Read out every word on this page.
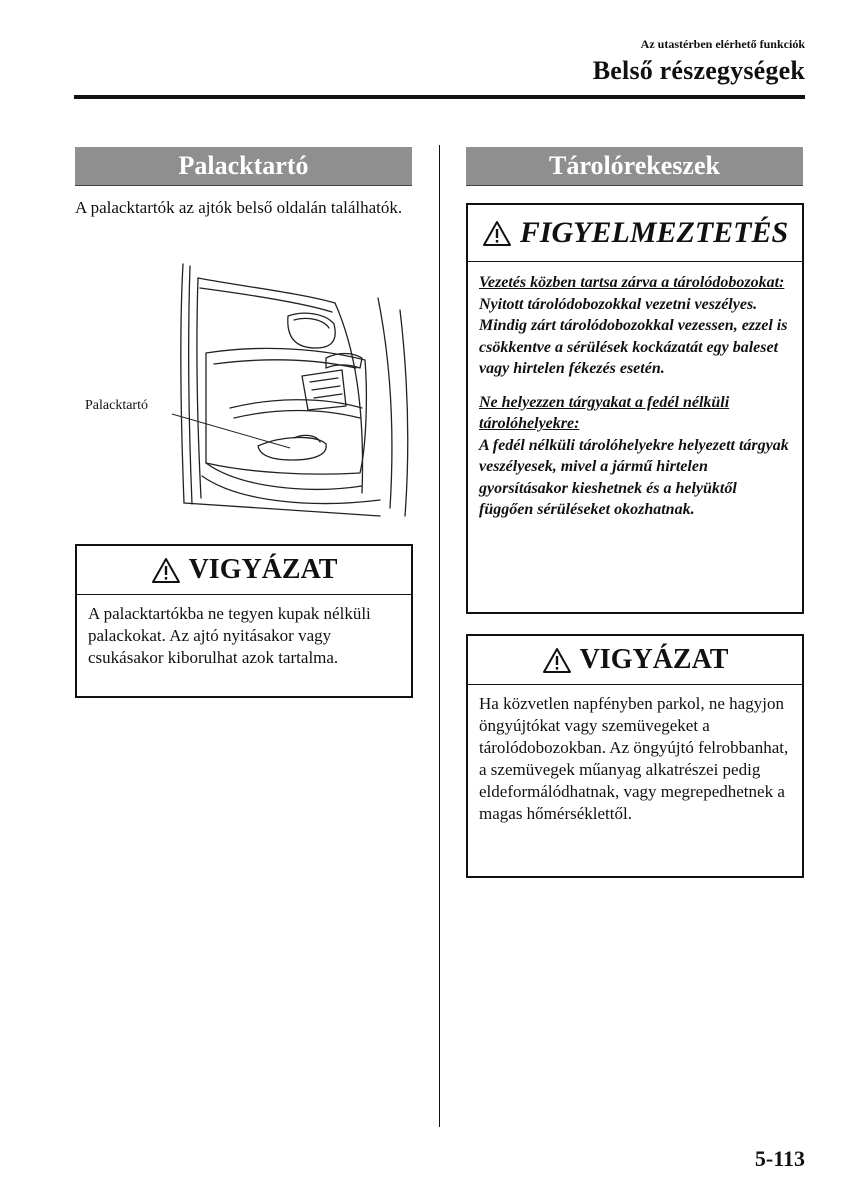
Az utastérben elérhető funkciók
Belső részegységek
Palacktartó
A palacktartók az ajtók belső oldalán találhatók.
Palacktartó
VIGYÁZAT
A palacktartókba ne tegyen kupak nélküli palackokat. Az ajtó nyitásakor vagy csukásakor kiborulhat azok tartalma.
Tárolórekeszek
FIGYELMEZTETÉS
Vezetés közben tartsa zárva a tárolódobozokat:
Nyitott tárolódobozokkal vezetni veszélyes. Mindig zárt tárolódobozokkal vezessen, ezzel is csökkentve a sérülések kockázatát egy baleset vagy hirtelen fékezés esetén.
Ne helyezzen tárgyakat a fedél nélküli tárolóhelyekre:
A fedél nélküli tárolóhelyekre helyezett tárgyak veszélyesek, mivel a jármű hirtelen gyorsításakor kieshetnek és a helyüktől függően sérüléseket okozhatnak.
VIGYÁZAT
Ha közvetlen napfényben parkol, ne hagyjon öngyújtókat vagy szemüvegeket a tárolódobozokban. Az öngyújtó felrobbanhat, a szemüvegek műanyag alkatrészei pedig eldeformálódhatnak, vagy megrepedhetnek a magas hőmérséklettől.
5-113
